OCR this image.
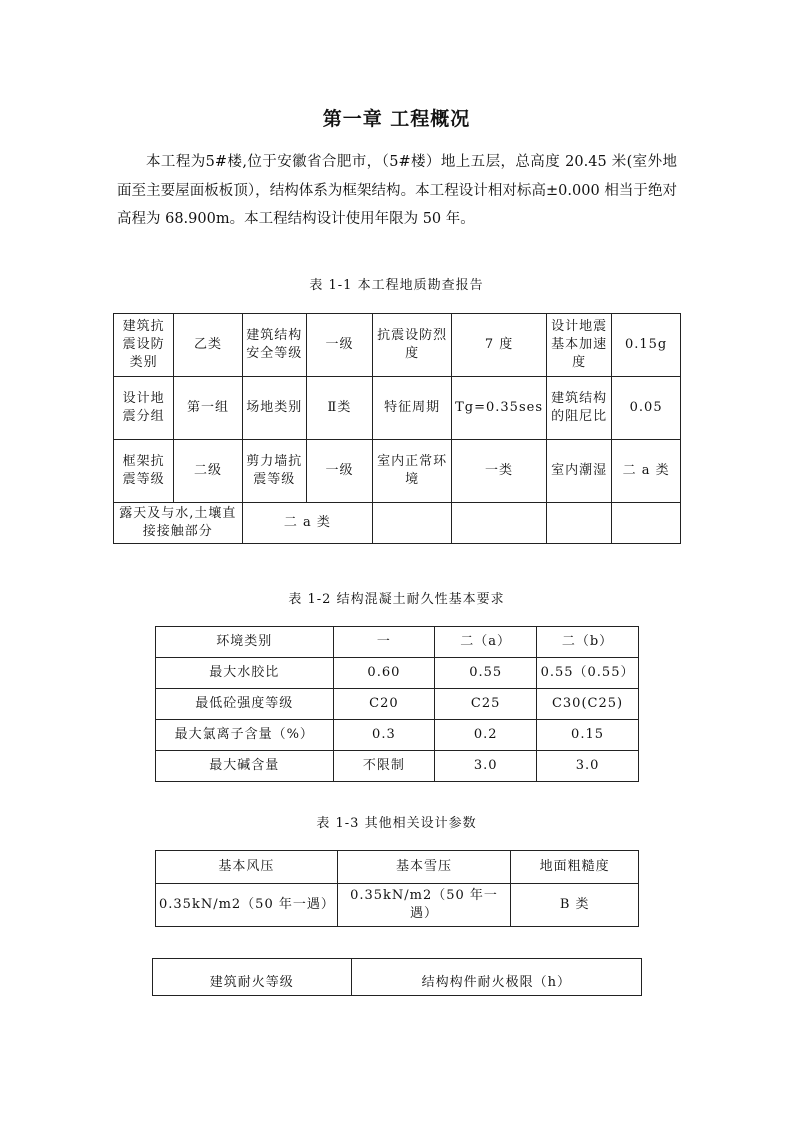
第一章 工程概况
本工程为5#楼,位于安徽省合肥市，（5#楼）地上五层，总高度 20.45 米(室外地面至主要屋面板板顶），结构体系为框架结构。本工程设计相对标高±0.000 相当于绝对高程为 68.900m。本工程结构设计使用年限为 50 年。
表 1-1 本工程地质勘查报告
建筑抗震设防类别	乙类	建筑结构安全等级	一级	抗震设防烈度	7 度	设计地震基本加速度	0.15g
设计地震分组	第一组	场地类别	Ⅱ类	特征周期	Tg=0.35ses	建筑结构的阻尼比	0.05
框架抗震等级	二级	剪力墙抗震等级	一级	室内正常环境	一类	室内潮湿	二 a 类
露天及与水,土壤直接接触部分		二 a 类					
表 1-2 结构混凝土耐久性基本要求
环境类别	一	二（a）	二（b）
最大水胶比	0.60	0.55	0.55（0.55）
最低砼强度等级	C20	C25	C30(C25)
最大氯离子含量（%）	0.3	0.2	0.15
最大碱含量	不限制	3.0	3.0
表 1-3 其他相关设计参数
基本风压	基本雪压	地面粗糙度
0.35kN/m2（50 年一遇）	0.35kN/m2（50 年一遇）	B 类
建筑耐火等级	结构构件耐火极限（h）
